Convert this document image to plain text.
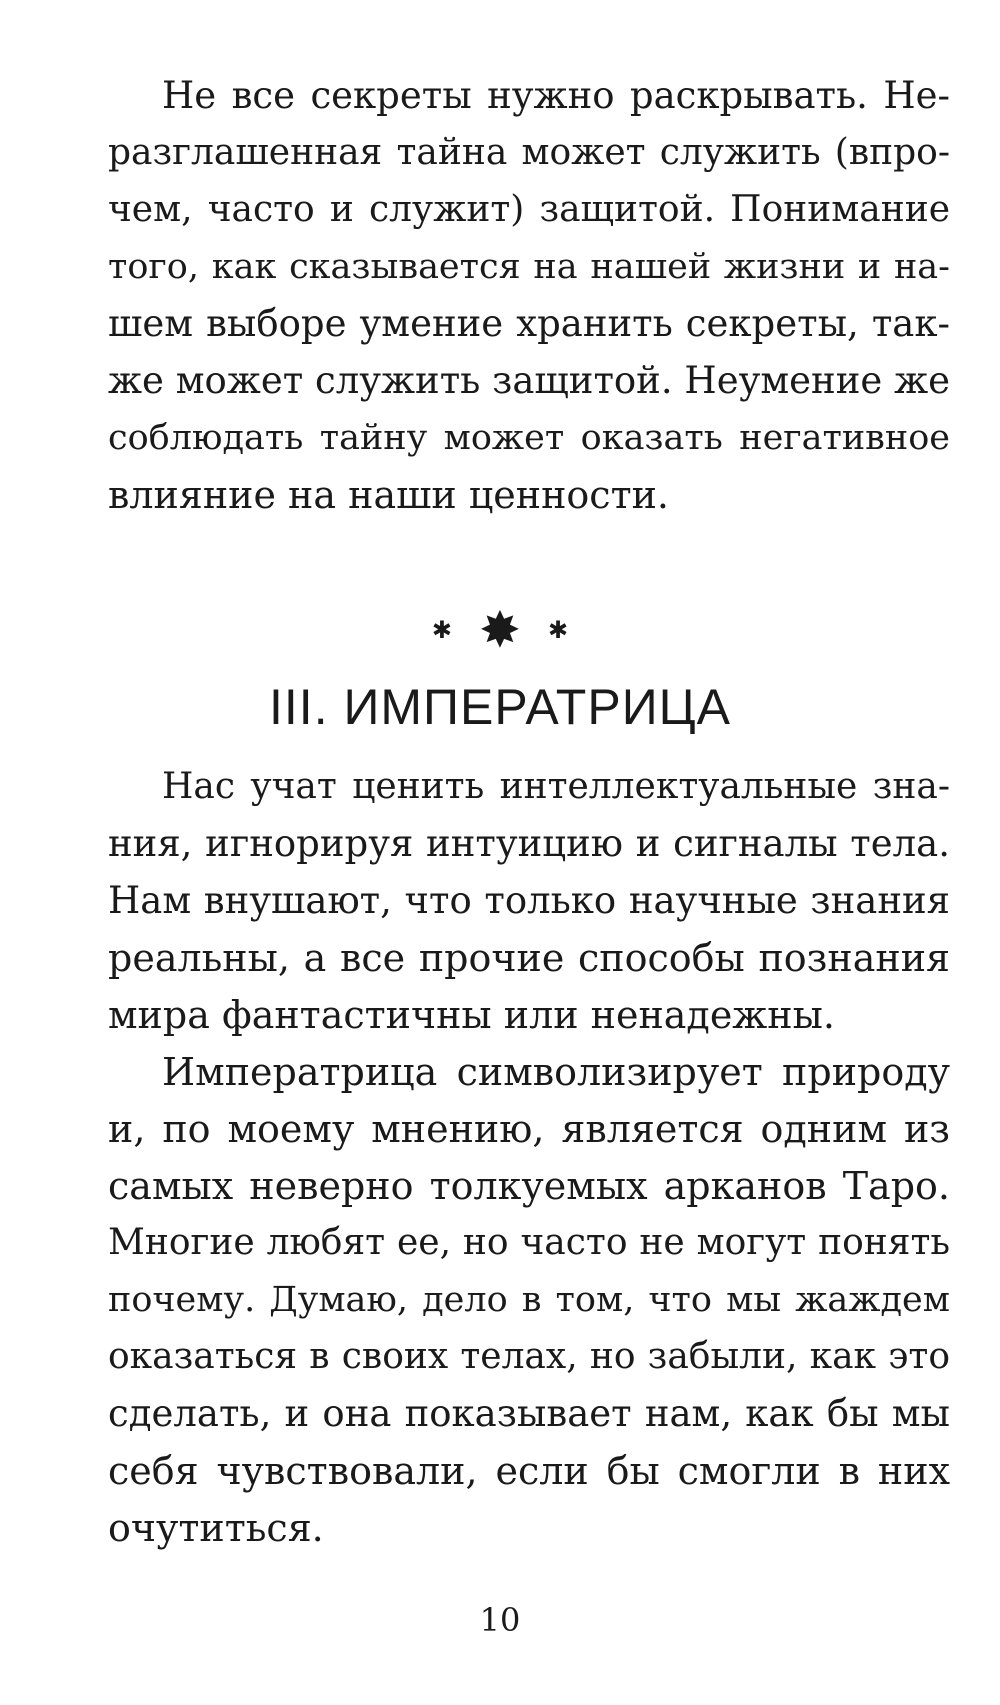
Не все секреты нужно раскрывать. Не-

разглашенная тайна может служить (впро-

чем, часто и служит) защитой. Понимание

того, как сказывается на нашей жизни и на-

шем выборе умение хранить секреты, так-

же может служить защитой. Неумение же

соблюдать тайну может оказать негативное

влияние на наши ценности.

✱ ✸ ✱
III. ИМПЕРАТРИЦА

Нас учат ценить интеллектуальные зна-

ния, игнорируя интуицию и сигналы тела.

Нам внушают, что только научные знания

реальны, а все прочие способы познания

мира фантастичны или ненадежны.

Императрица символизирует природу

и, по моему мнению, является одним из

самых неверно толкуемых арканов Таро.

Многие любят ее, но часто не могут понять

почему. Думаю, дело в том, что мы жаждем

оказаться в своих телах, но забыли, как это

сделать, и она показывает нам, как бы мы

себя чувствовали, если бы смогли в них

очутиться.

10
